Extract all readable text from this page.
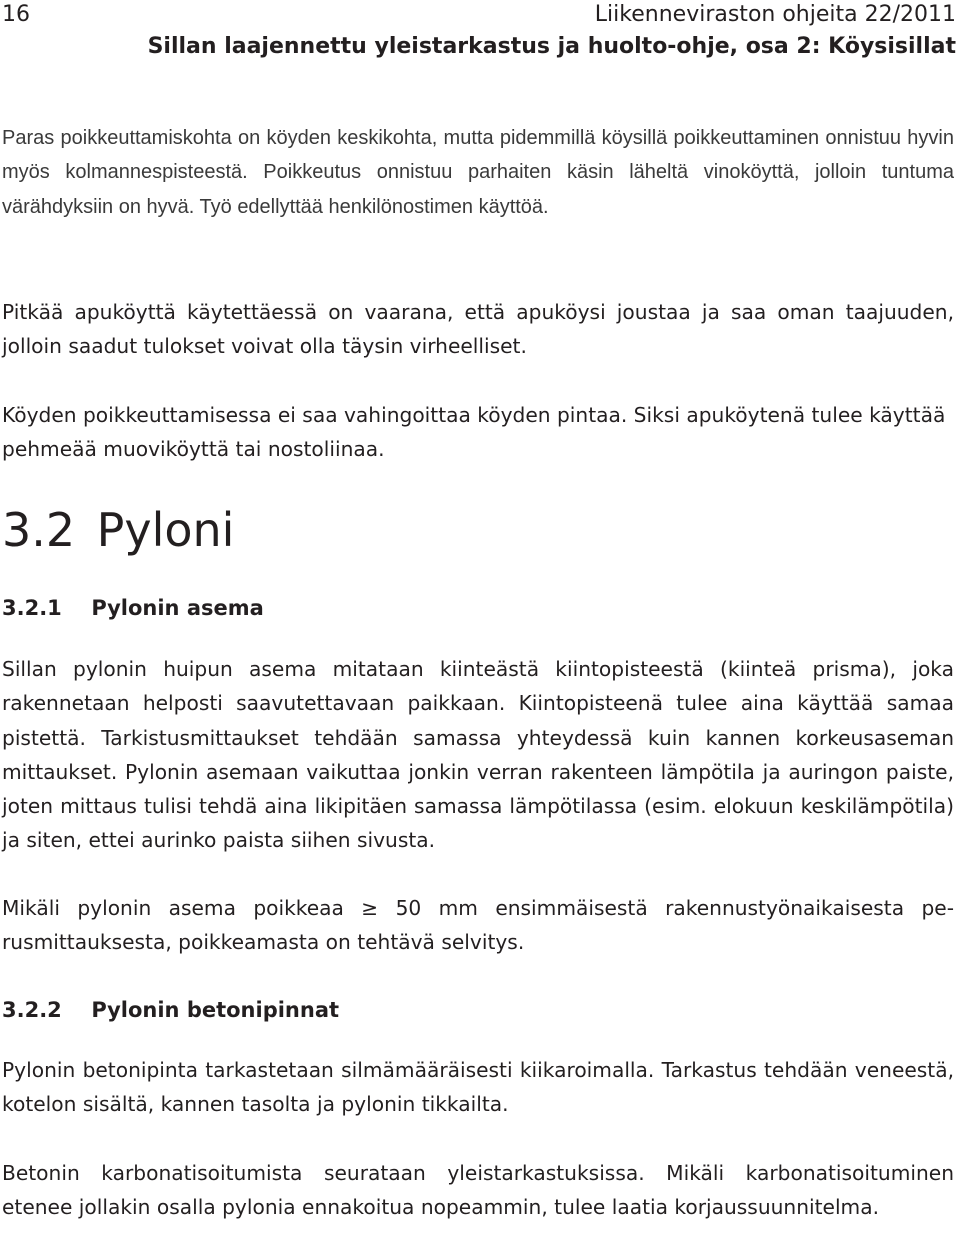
16	Liikenneviraston ohjeita 22/2011
Sillan laajennettu yleistarkastus ja huolto-ohje, osa 2: Köysisillat
Paras poikkeuttamiskohta on köyden keskikohta, mutta pidemmillä köysillä poikkeuttaminen onnistuu hyvin myös kolmannespisteestä. Poikkeutus onnistuu parhaiten käsin läheltä vinoköyttä, jolloin tuntuma värähdyksiin on hyvä. Työ edellyttää henkilönostimen käyttöä.
Pitkää apuköyttä käytettäessä on vaarana, että apuköysi joustaa ja saa oman taajuuden, jolloin saadut tulokset voivat olla täysin virheelliset.
Köyden poikkeuttamisessa ei saa vahingoittaa köyden pintaa. Siksi apuköytenä tulee käyttää pehmeää muoviköyttä tai nostoliinaa.
3.2 Pyloni
3.2.1 Pylonin asema
Sillan pylonin huipun asema mitataan kiinteästä kiintopisteestä (kiinteä prisma), joka rakennetaan helposti saavutettavaan paikkaan. Kiintopisteenä tulee aina käyttää samaa pistettä. Tarkistusmittaukset tehdään samassa yhteydessä kuin kannen korkeusaseman mittaukset. Pylonin asemaan vaikuttaa jonkin verran rakenteen lämpötila ja auringon paiste, joten mittaus tulisi tehdä aina likipitäen samassa lämpötilassa (esim. elokuun keskilämpötila) ja siten, ettei aurinko paista siihen sivusta.
Mikäli pylonin asema poikkeaa ≥ 50 mm ensimmäisestä rakennustyönaikaisesta perusmittauksesta, poikkeamasta on tehtävä selvitys.
3.2.2 Pylonin betonipinnat
Pylonin betonipinta tarkastetaan silmämääräisesti kiikaroimalla. Tarkastus tehdään veneestä, kotelon sisältä, kannen tasolta ja pylonin tikkailta.
Betonin karbonatisoitumista seurataan yleistarkastuksissa. Mikäli karbonatisoituminen etenee jollakin osalla pylonia ennakoitua nopeammin, tulee laatia korjaussuunnitelma.
